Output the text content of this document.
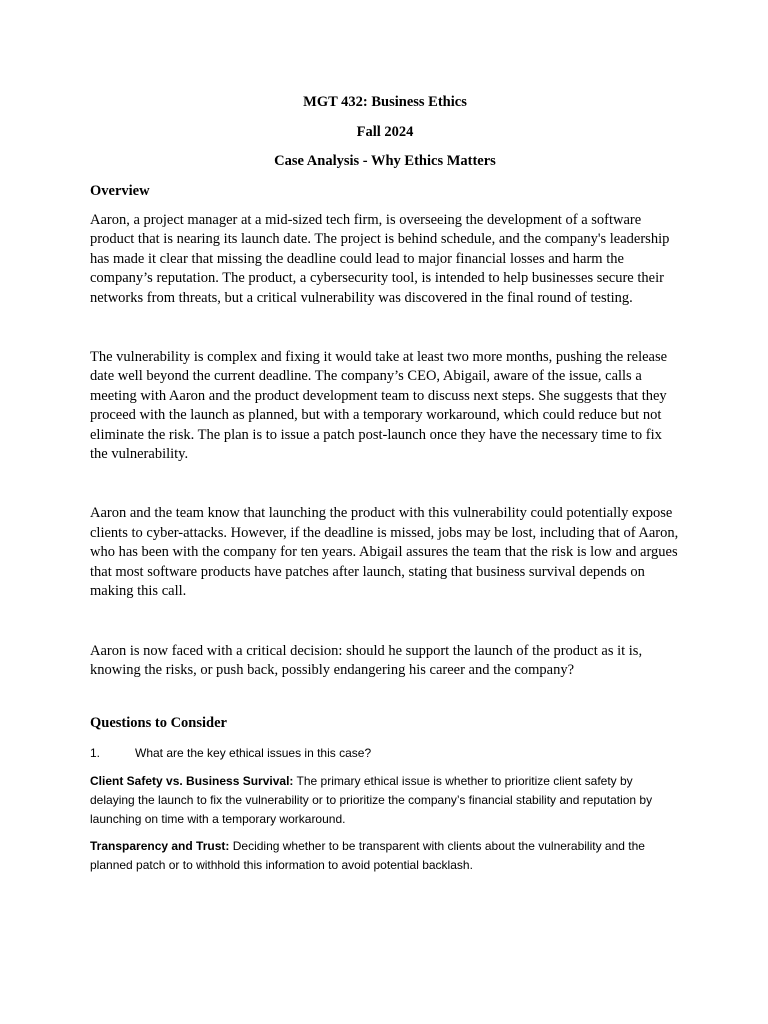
MGT 432: Business Ethics
Fall 2024
Case Analysis - Why Ethics Matters
Overview

Aaron, a project manager at a mid-sized tech firm, is overseeing the development of a software product that is nearing its launch date. The project is behind schedule, and the company's leadership has made it clear that missing the deadline could lead to major financial losses and harm the company’s reputation. The product, a cybersecurity tool, is intended to help businesses secure their networks from threats, but a critical vulnerability was discovered in the final round of testing.

The vulnerability is complex and fixing it would take at least two more months, pushing the release date well beyond the current deadline. The company’s CEO, Abigail, aware of the issue, calls a meeting with Aaron and the product development team to discuss next steps. She suggests that they proceed with the launch as planned, but with a temporary workaround, which could reduce but not eliminate the risk. The plan is to issue a patch post-launch once they have the necessary time to fix the vulnerability.

Aaron and the team know that launching the product with this vulnerability could potentially expose clients to cyber-attacks. However, if the deadline is missed, jobs may be lost, including that of Aaron, who has been with the company for ten years. Abigail assures the team that the risk is low and argues that most software products have patches after launch, stating that business survival depends on making this call.

Aaron is now faced with a critical decision: should he support the launch of the product as it is, knowing the risks, or push back, possibly endangering his career and the company?

Questions to Consider
1.	What are the key ethical issues in this case?

Client Safety vs. Business Survival: The primary ethical issue is whether to prioritize client safety by delaying the launch to fix the vulnerability or to prioritize the company’s financial stability and reputation by launching on time with a temporary workaround.

Transparency and Trust: Deciding whether to be transparent with clients about the vulnerability and the planned patch or to withhold this information to avoid potential backlash.
